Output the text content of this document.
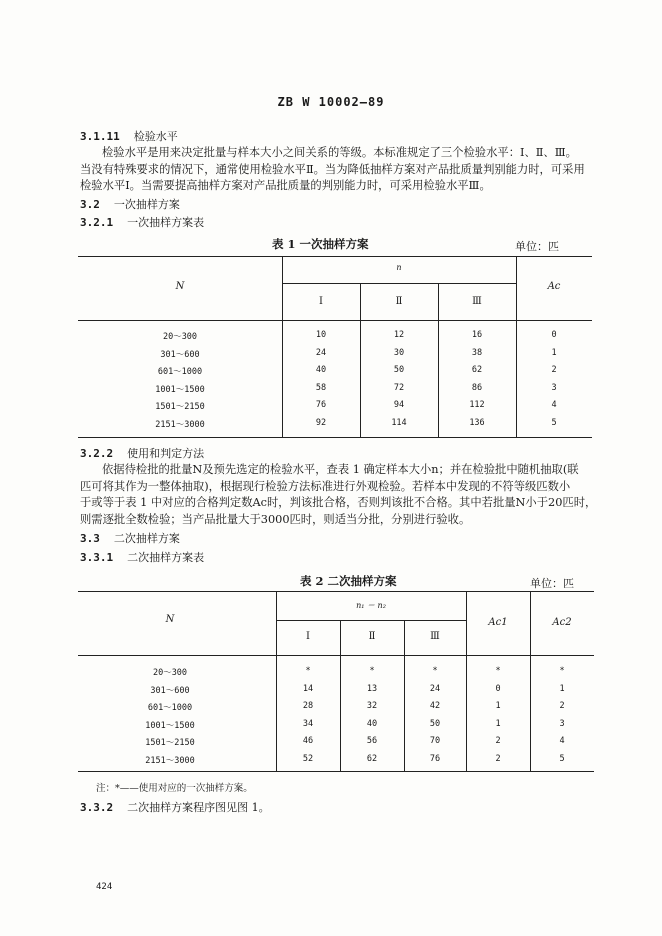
ZB W 10002—89
3.1.11 检验水平
检验水平是用来决定批量与样本大小之间关系的等级。本标准规定了三个检验水平：Ⅰ、Ⅱ、Ⅲ。
当没有特殊要求的情况下，通常使用检验水平Ⅱ。当为降低抽样方案对产品批质量判别能力时，可采用
检验水平Ⅰ。当需要提高抽样方案对产品批质量的判别能力时，可采用检验水平Ⅲ。
3.2 一次抽样方案
3.2.1 一次抽样方案表
表 1 一次抽样方案	单位：匹
N
n
Ⅰ	Ⅱ	Ⅲ
Ac
20～300	10	12	16	0
301～600	24	30	38	1
601～1000	40	50	62	2
1001～1500	58	72	86	3
1501～2150	76	94	112	4
2151～3000	92	114	136	5
3.2.2 使用和判定方法
依据待检批的批量N及预先选定的检验水平，查表 1 确定样本大小n；并在检验批中随机抽取(联
匹可将其作为一整体抽取)，根据现行检验方法标准进行外观检验。若样本中发现的不符等级匹数小
于或等于表 1 中对应的合格判定数Ac时，判该批合格，否则判该批不合格。其中若批量N小于20匹时，
则需逐批全数检验；当产品批量大于3000匹时，则适当分批，分别进行验收。
3.3 二次抽样方案
3.3.1 二次抽样方案表
表 2 二次抽样方案	单位：匹
N
n₁ ＝ n₂
Ⅰ	Ⅱ	Ⅲ
Ac1	Ac2
20～300	*	*	*	*	*
301～600	14	13	24	0	1
601～1000	28	32	42	1	2
1001～1500	34	40	50	1	3
1501～2150	46	56	70	2	4
2151～3000	52	62	76	2	5
注：*——使用对应的一次抽样方案。
3.3.2 二次抽样方案程序图见图 1。
424
